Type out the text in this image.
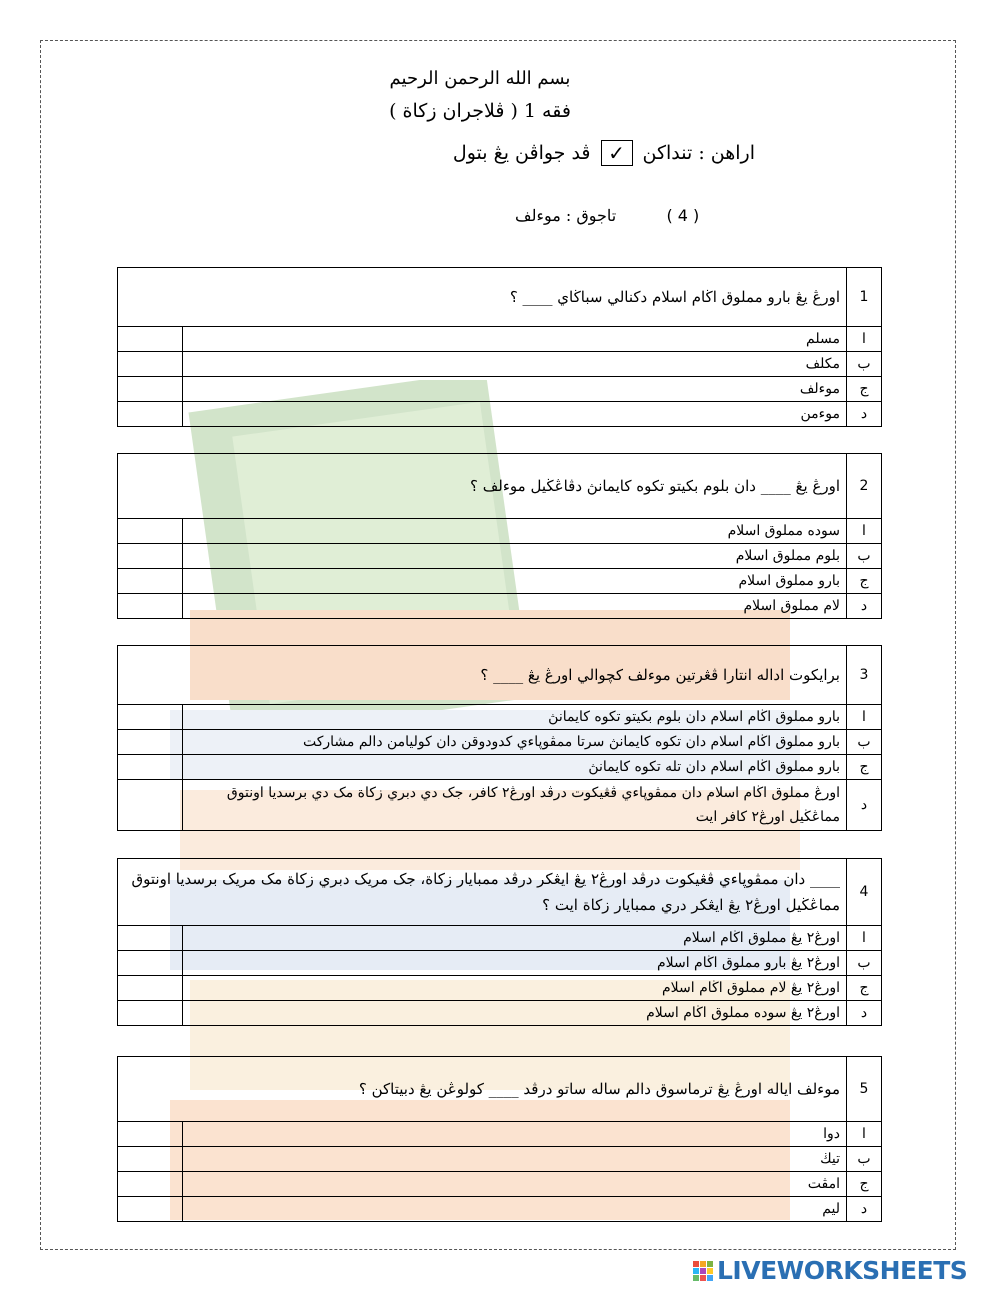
بسم الله الرحمن الرحيم
فقه 1 ( ڤلاجران زكاة )
اراهن : تنداكن
✓
ڤد جواڤن يڠ بتول
( 4 )  تاجوق : موءلف
1	اورڠ يڠ بارو مملوق اڬام اسلام دكنالي سباڬاي ____ ؟	
ا	مسلم	
ب	مكلف	
ج	موءلف	
د	موءمن	
2	اورڠ يڠ ____ دان بلوم بكيتو تكوه كايمانڽ دڤاڠڬيل موءلف ؟	
ا	سوده مملوق اسلام	
ب	بلوم مملوق اسلام	
ج	بارو مملوق اسلام	
د	لام مملوق اسلام	
3	برايكوت اداله انتارا ڤڠرتين موءلف كچوالي اورڠ يڠ ____ ؟	
ا	بارو مملوق اڬام اسلام دان بلوم بكيتو تكوه كايمانڽ	
ب	بارو مملوق اڬام اسلام دان تكوه كايمانڽ سرتا ممڤوڽاءي كدودوقن دان كوليامن دالم مشاركت	
ج	بارو مملوق اڬام اسلام دان تله تكوه كايمانڽ	
د	اورڠ مملوق اڬام اسلام دان ممڤوڽاءي ڤڠيكوت درڤد اورڠ٢ كافر، جک دي دبري زكاة مک دي برسديا اونتوق مماڠڬيل اورڠ٢ كافر ايت	
4	____ دان ممڤوڽاءي ڤڠيكوت درڤد اورڠ٢ يڠ ايڠكر درڤد ممبايار زكاة، جک مريک دبري زكاة مک مريک برسديا اونتوق مماڠڬيل اورڠ٢ يڠ ايڠكر دري ممبايار زكاة ايت ؟	
ا	اورڠ٢ يڠ مملوق اڬام اسلام	
ب	اورڠ٢ يڠ بارو مملوق اڬام اسلام	
ج	اورڠ٢ يڠ لام مملوق اڬام اسلام	
د	اورڠ٢ يڠ سوده مملوق اڬام اسلام	
5	موءلف اياله اورڠ يڠ ترماسوق دالم ساله ساتو درڤد ____ كولوڠن يڠ دبيتاكن ؟	
ا	دوا	
ب	تيڬ	
ج	امڤت	
د	ليم	
LIVEWORKSHEETS
